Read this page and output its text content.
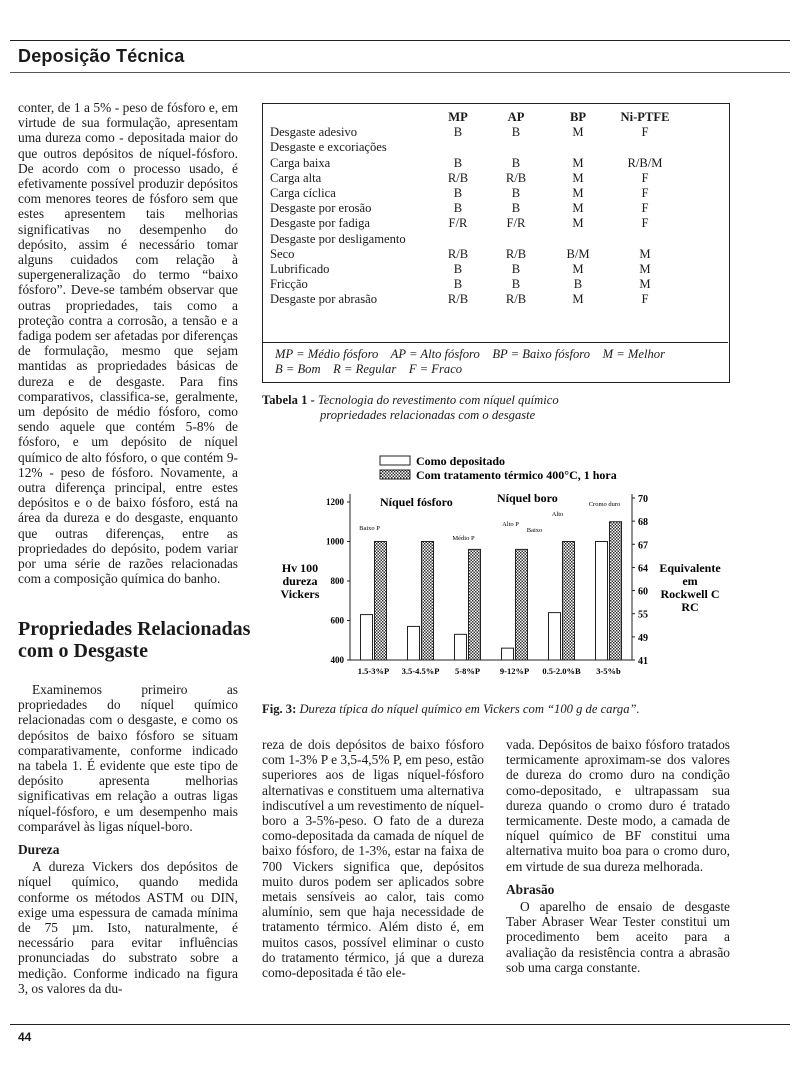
Deposição Técnica

conter, de 1 a 5% - peso de fósforo e, em virtude de sua formulação, apresentam uma dureza como - depositada maior do que outros depósitos de níquel-fósforo. De acordo com o processo usado, é efetivamente possível produzir depósitos com menores teores de fósforo sem que estes apresentem tais melhorias significativas no desempenho do depósito, assim é necessário tomar alguns cuidados com relação à supergeneralização do termo “baixo fósforo”. Deve-se também observar que outras propriedades, tais como a proteção contra a corrosão, a tensão e a fadiga podem ser afetadas por diferenças de formulação, mesmo que sejam mantidas as propriedades básicas de dureza e de desgaste. Para fins comparativos, classifica-se, geralmente, um depósito de médio fósforo, como sendo aquele que contém 5-8% de fósforo, e um depósito de níquel químico de alto fósforo, o que contém 9-12% - peso de fósforo. Novamente, a outra diferença principal, entre estes depósitos e o de baixo fósforo, está na área da dureza e do desgaste, enquanto que outras diferenças, entre as propriedades do depósito, podem variar por uma série de razões relacionadas com a composição química do banho.

Propriedades Relacionadas com o Desgaste

Examinemos primeiro as propriedades do níquel químico relacionadas com o desgaste, e como os depósitos de baixo fósforo se situam comparativamente, conforme indicado na tabela 1. É evidente que este tipo de depósito apresenta melhorias significativas em relação a outras ligas níquel-fósforo, e um desempenho mais comparável às ligas níquel-boro.

Dureza

A dureza Vickers dos depósitos de níquel químico, quando medida conforme os métodos ASTM ou DIN, exige uma espessura de camada mínima de 75 µm. Isto, naturalmente, é necessário para evitar influências pronunciadas do substrato sobre a medição. Conforme indicado na figura 3, os valores da du-

	MP	AP	BP	Ni-PTFE
Desgaste adesivo	B	B	M	F
Desgaste e excoriações				
Carga baixa	B	B	M	R/B/M
Carga alta	R/B	R/B	M	F
Carga cíclica	B	B	M	F
Desgaste por erosão	B	B	M	F
Desgaste por fadiga	F/R	F/R	M	F
Desgaste por desligamento				
Seco	R/B	R/B	B/M	M
Lubrificado	B	B	M	M
Fricção	B	B	B	M
Desgaste por abrasão	R/B	R/B	M	F
MP = Médio fósforo    AP = Alto fósforo    BP = Baixo fósforo    M = Melhor
B = Bom    R = Regular    F = Fraco
Tabela 1 - Tecnologia do revestimento com níquel químico
propriedades relacionadas com o desgaste
Como depositado
Com tratamento térmico 400°C, 1 hora
400
600
800
1000
1200	70
68
67
64
60
55
49
41
Hv 100
dureza
Vickers
Equivalente
em
Rockwell C
RC
Níquel fósforo	Níquel boro
1.5-3%P 3.5-4.5%P 5-8%P 9-12%P 0.5-2.0%B 3-5%b
Baixo P
Médio P
Alto P
Baixo
Alto
Cromo duro
Fig. 3: Dureza típica do níquel químico em Vickers com “100 g de carga”.

reza de dois depósitos de baixo fósforo com 1-3% P e 3,5-4,5% P, em peso, estão superiores aos de ligas níquel-fósforo alternativas e constituem uma alternativa indiscutível a um revestimento de níquel-boro a 3-5%-peso. O fato de a dureza como-depositada da camada de níquel de baixo fósforo, de 1-3%, estar na faixa de 700 Vickers significa que, depósitos muito duros podem ser aplicados sobre metais sensíveis ao calor, tais como alumínio, sem que haja necessidade de tratamento térmico. Além disto é, em muitos casos, possível eliminar o custo do tratamento térmico, já que a dureza como-depositada é tão ele-

vada. Depósitos de baixo fósforo tratados termicamente aproximam-se dos valores de dureza do cromo duro na condição como-depositado, e ultrapassam sua dureza quando o cromo duro é tratado termicamente. Deste modo, a camada de níquel químico de BF constitui uma alternativa muito boa para o cromo duro, em virtude de sua dureza melhorada.

Abrasão

O aparelho de ensaio de desgaste Taber Abraser Wear Tester constitui um procedimento bem aceito para a avaliação da resistência contra a abrasão sob uma carga constante.

44
